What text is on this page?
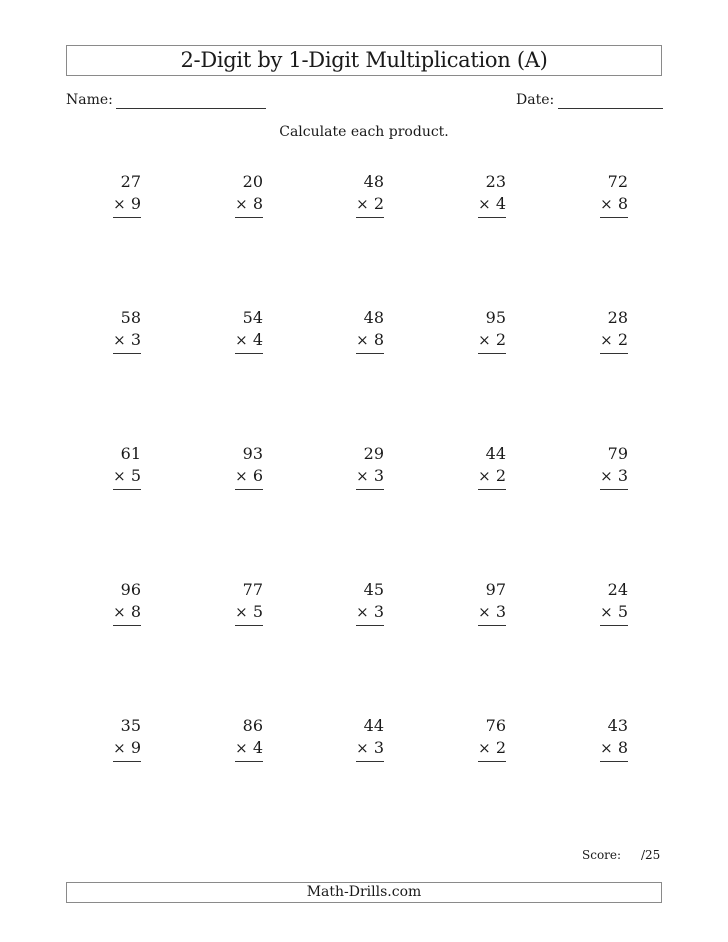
2-Digit by 1-Digit Multiplication (A)
Name:	Date:
Calculate each product.
27
× 9
20
× 8
48
× 2
23
× 4
72
× 8
58
× 3
54
× 4
48
× 8
95
× 2
28
× 2
61
× 5
93
× 6
29
× 3
44
× 2
79
× 3
96
× 8
77
× 5
45
× 3
97
× 3
24
× 5
35
× 9
86
× 4
44
× 3
76
× 2
43
× 8
Score: /25
Math-Drills.com
